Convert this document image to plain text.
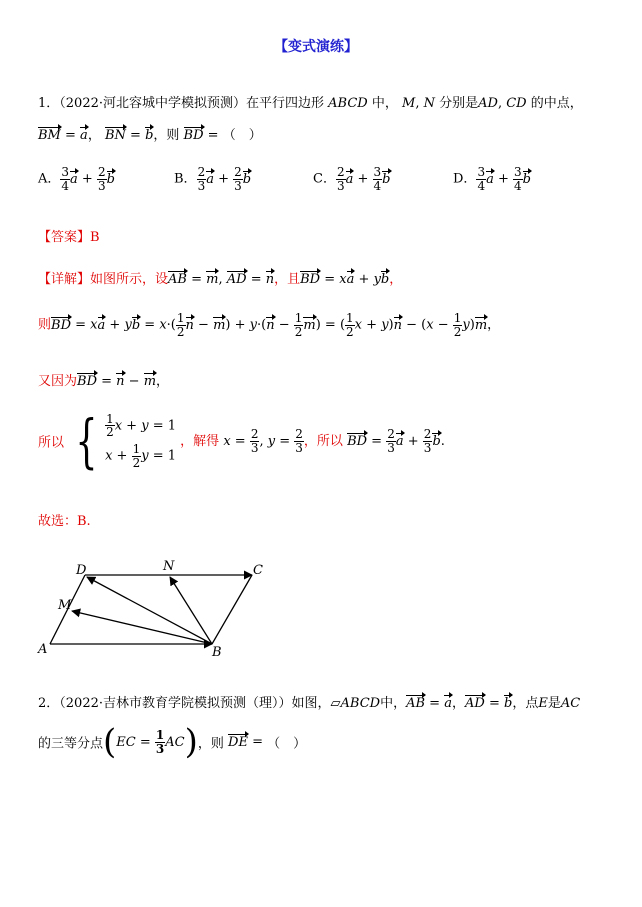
【变式演练】
1．（2022·河北容城中学模拟预测）在平行四边形 ABCD 中， M, N 分别是AD, CD 的中点，
BM = a， BN = b，则 BD = （　）
A． $\frac{3}{4}$ $a + \frac{2}{3}$ b	B． $\frac{2}{3}$ $a + \frac{2}{3}$ b	C． $\frac{2}{3}$ $a + \frac{3}{4}$ b	D． $\frac{3}{4}$ $a + \frac{3}{4}$ b
【答案】B
【详解】如图所示，设AB = m, AD = n，且BD = xa + yb，
则BD = xa + yb = $x\cdot( \frac{1}{2}$ $n - m) + y\cdot(n - \frac{1}{2} m)$ = ( $\frac{1}{2}$ $x + y)n - (x - \frac{1}{2} y)m$，
又因为BD = n − m，
所以 { $\frac{1}{2}$ x + y = 1
$x + \frac{1}{2}$ y = 1
，解得 $x = \frac{2}{3}$ , $y = \frac{2}{3}$ ，所以 BD = $\frac{2}{3}$ $a + \frac{2}{3} b$.
故选：B.
A	B
C
D
M
N
2．（2022·吉林市教育学院模拟预测（理））如图，▱ABCD中，AB = a，AD = b，点E是AC
的三等分点$(EC = \frac{1}{3} AC)$，则 DE = （　）
